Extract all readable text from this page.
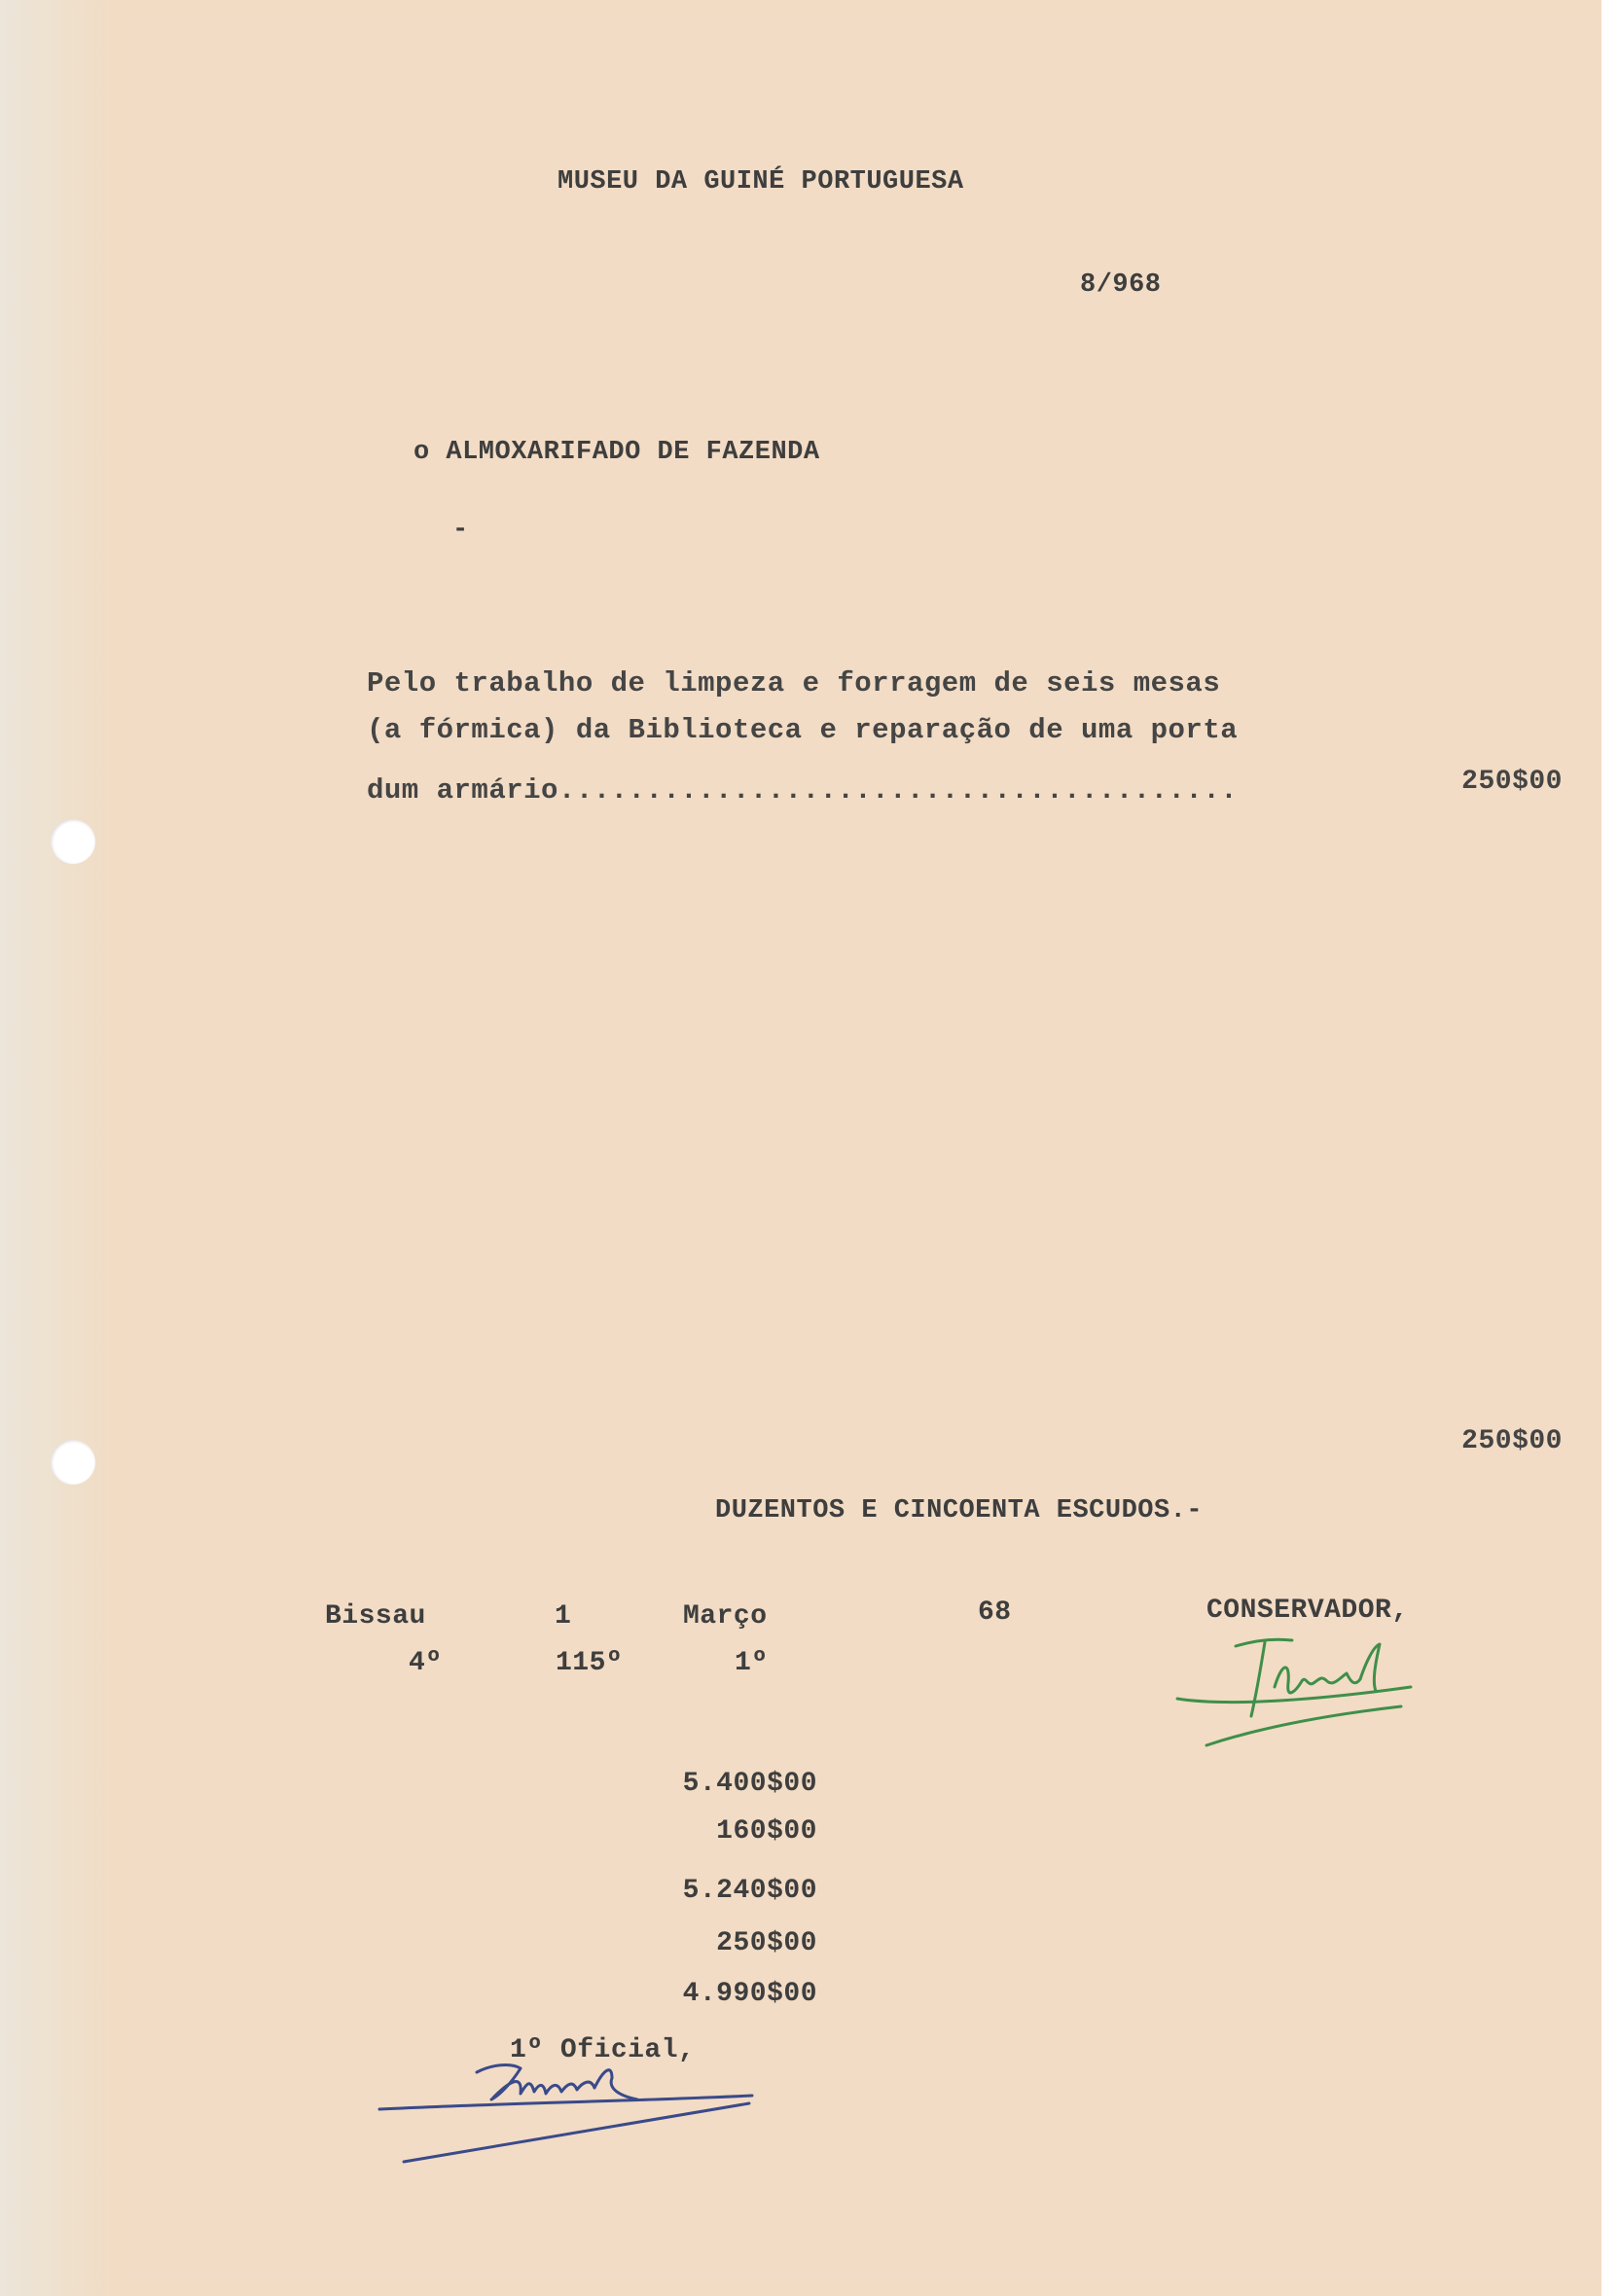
MUSEU DA GUINÉ PORTUGUESA
8/968
o ALMOXARIFADO DE FAZENDA
-
Pelo trabalho de limpeza e forragem de seis mesas
(a fórmica) da Biblioteca e reparação de uma porta
dum armário.......................................	250$00
250$00
DUZENTOS E CINCOENTA ESCUDOS.-
Bissau	1	Março	68	CONSERVADOR,
4º	115º	1º
5.400$00
160$00
5.240$00
250$00
4.990$00
1º Oficial,
